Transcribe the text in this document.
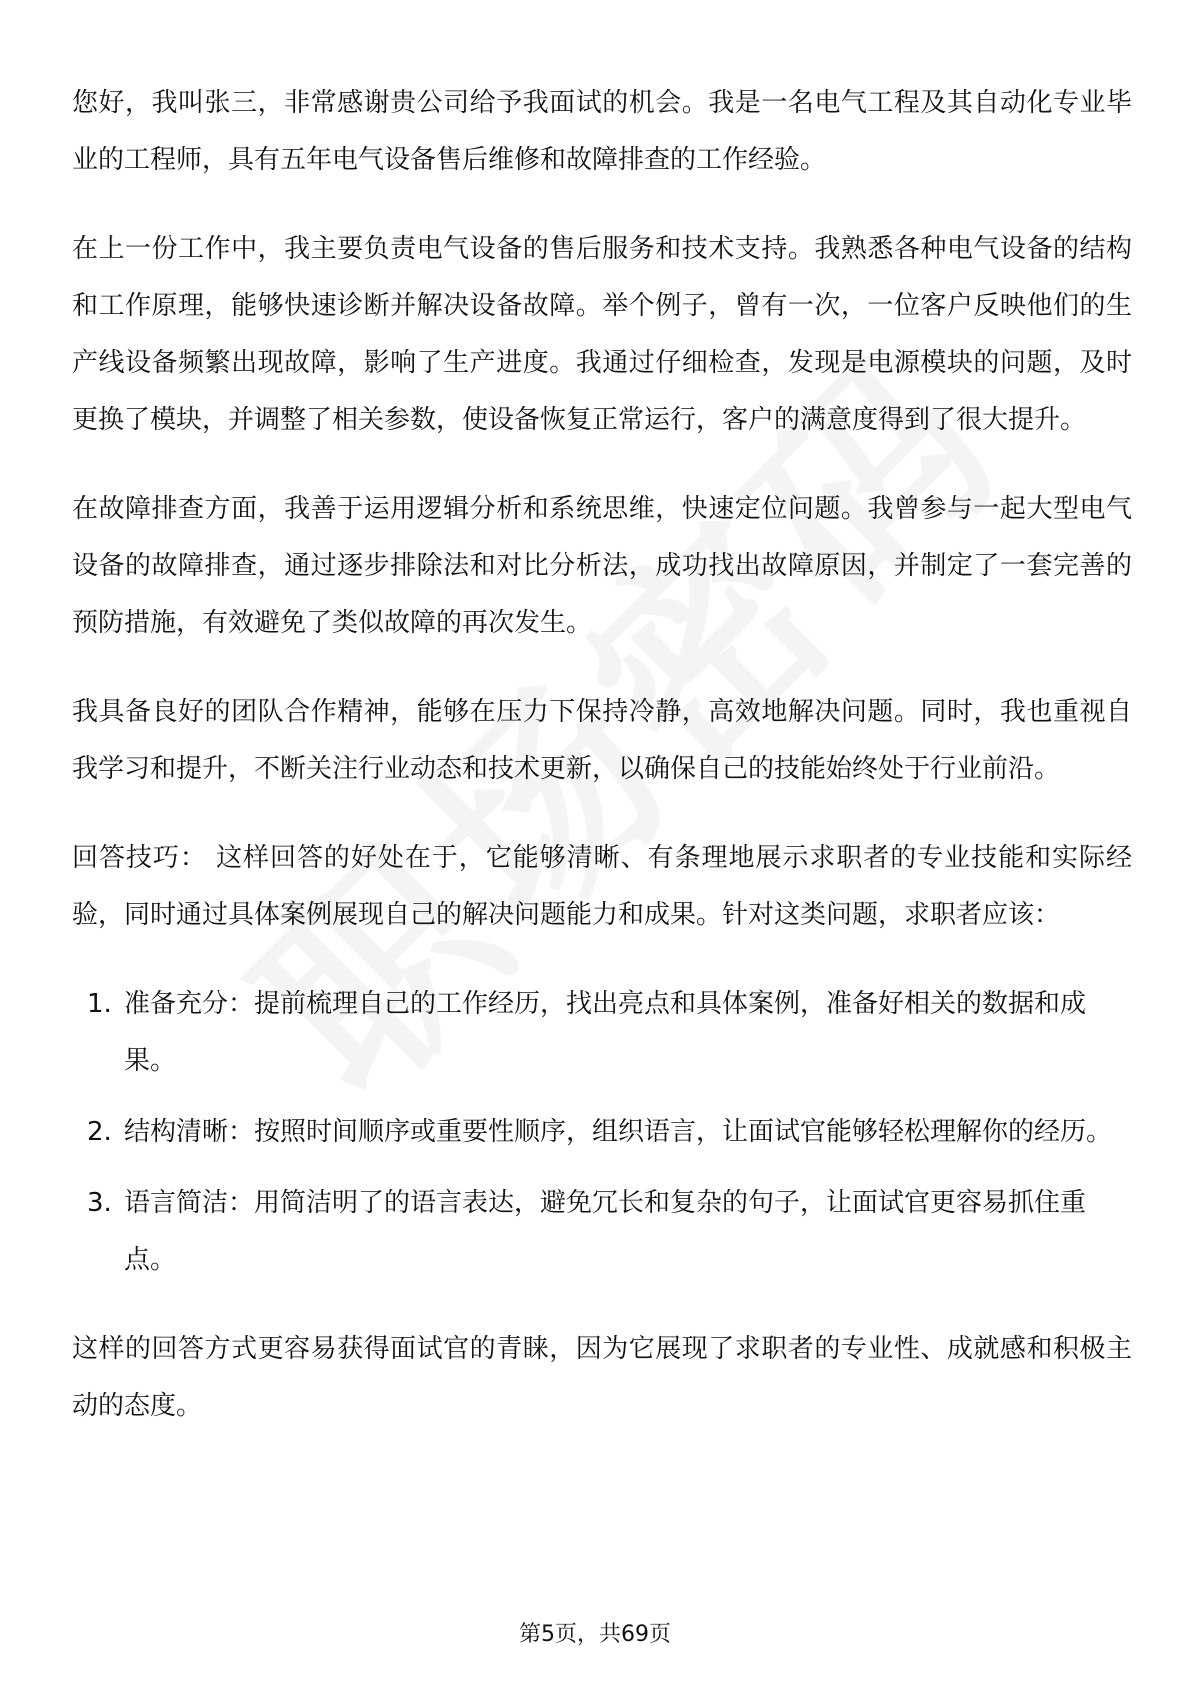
您好，我叫张三，非常感谢贵公司给予我面试的机会。我是一名电气工程及其自动化专业毕业的工程师，具有五年电气设备售后维修和故障排查的工作经验。

在上一份工作中，我主要负责电气设备的售后服务和技术支持。我熟悉各种电气设备的结构和工作原理，能够快速诊断并解决设备故障。举个例子，曾有一次，一位客户反映他们的生产线设备频繁出现故障，影响了生产进度。我通过仔细检查，发现是电源模块的问题，及时更换了模块，并调整了相关参数，使设备恢复正常运行，客户的满意度得到了很大提升。

在故障排查方面，我善于运用逻辑分析和系统思维，快速定位问题。我曾参与一起大型电气设备的故障排查，通过逐步排除法和对比分析法，成功找出故障原因，并制定了一套完善的预防措施，有效避免了类似故障的再次发生。

我具备良好的团队合作精神，能够在压力下保持冷静，高效地解决问题。同时，我也重视自我学习和提升，不断关注行业动态和技术更新，以确保自己的技能始终处于行业前沿。

回答技巧： 这样回答的好处在于，它能够清晰、有条理地展示求职者的专业技能和实际经验，同时通过具体案例展现自己的解决问题能力和成果。针对这类问题，求职者应该：

1. 准备充分：提前梳理自己的工作经历，找出亮点和具体案例，准备好相关的数据和成果。
2. 结构清晰：按照时间顺序或重要性顺序，组织语言，让面试官能够轻松理解你的经历。
3. 语言简洁：用简洁明了的语言表达，避免冗长和复杂的句子，让面试官更容易抓住重点。

这样的回答方式更容易获得面试官的青睐，因为它展现了求职者的专业性、成就感和积极主动的态度。

第5页，共69页
